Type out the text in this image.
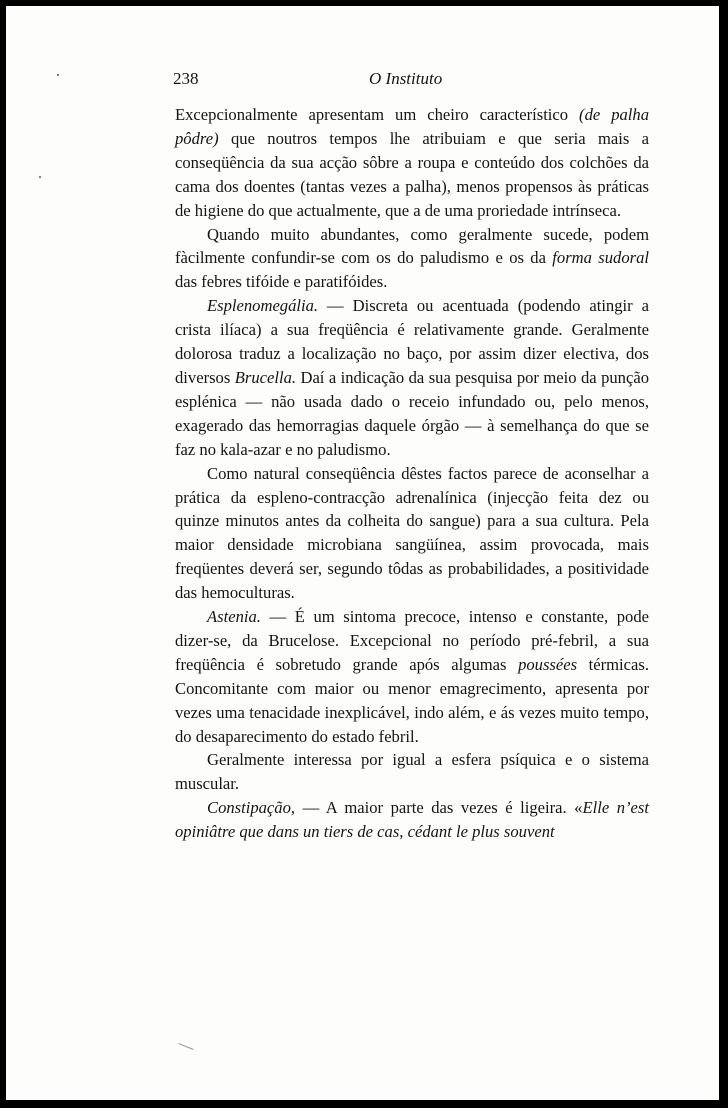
238	O Instituto

Excepcionalmente apresentam um cheiro característico (de palha pôdre) que noutros tempos lhe atribuiam e que seria mais a conseqüência da sua acção sôbre a roupa e conteúdo dos colchões da cama dos doentes (tantas vezes a palha), menos propensos às práticas de higiene do que actualmente, que a de uma proriedade intrínseca.

Quando muito abundantes, como geralmente sucede, podem fàcilmente confundir-se com os do paludismo e os da forma sudoral das febres tifóide e paratifóides.

Esplenomegália. — Discreta ou acentuada (podendo atingir a crista ilíaca) a sua freqüência é relativamente grande. Geralmente dolorosa traduz a localização no baço, por assim dizer electiva, dos diversos Brucella. Daí a indicação da sua pesquisa por meio da punção esplénica — não usada dado o receio infundado ou, pelo menos, exagerado das hemorragias daquele órgão — à semelhança do que se faz no kala-azar e no paludismo.

Como natural conseqüência dêstes factos parece de aconselhar a prática da espleno-contracção adrenalínica (injecção feita dez ou quinze minutos antes da colheita do sangue) para a sua cultura. Pela maior densidade microbiana sangüínea, assim provocada, mais freqüentes deverá ser, segundo tôdas as probabilidades, a positividade das hemoculturas.

Astenia. — É um sintoma precoce, intenso e constante, pode dizer-se, da Brucelose. Excepcional no período pré-febril, a sua freqüência é sobretudo grande após algumas poussées térmicas. Concomitante com maior ou menor emagrecimento, apresenta por vezes uma tenacidade inexplicável, indo além, e ás vezes muito tempo, do desaparecimento do estado febril.

Geralmente interessa por igual a esfera psíquica e o sistema muscular.

Constipação, — A maior parte das vezes é ligeira. «Elle n’est opiniâtre que dans un tiers de cas, cédant le plus souvent
